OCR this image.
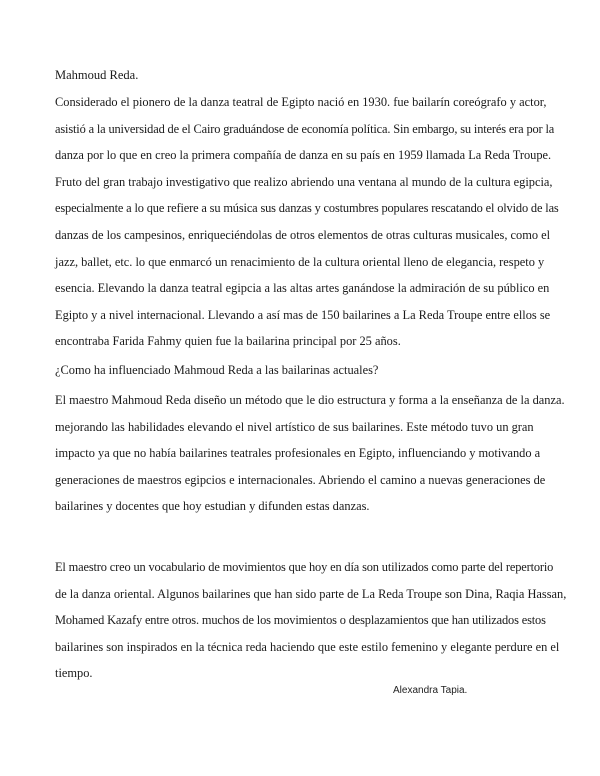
Mahmoud Reda.
Considerado el pionero de la danza teatral de Egipto nació en 1930. fue bailarín coreógrafo y actor,
asistió a la universidad de el Cairo graduándose de economía política. Sin embargo, su interés era por la
danza por lo que en creo la primera compañía de danza en su país en 1959 llamada La Reda Troupe.
Fruto del gran trabajo investigativo que realizo abriendo una ventana al mundo de la cultura egipcia,
especialmente a lo que refiere a su música sus danzas y costumbres populares rescatando el olvido de las
danzas de los campesinos, enriqueciéndolas de otros elementos de otras culturas musicales, como el
jazz, ballet, etc. lo que enmarcó un renacimiento de la cultura oriental lleno de elegancia, respeto y
esencia. Elevando la danza teatral egipcia a las altas artes ganándose la admiración de su público en
Egipto y a nivel internacional. Llevando a así mas de 150 bailarines a La Reda Troupe entre ellos se
encontraba Farida Fahmy quien fue la bailarina principal por 25 años.
¿Como ha influenciado Mahmoud Reda a las bailarinas actuales?
El maestro Mahmoud Reda diseño un método que le dio estructura y forma a la enseñanza de la danza.
mejorando las habilidades elevando el nivel artístico de sus bailarines. Este método tuvo un gran
impacto ya que no había bailarines teatrales profesionales en Egipto, influenciando y motivando a
generaciones de maestros egipcios e internacionales. Abriendo el camino a nuevas generaciones de
bailarines y docentes que hoy estudian y difunden estas danzas.
El maestro creo un vocabulario de movimientos que hoy en día son utilizados como parte del repertorio
de la danza oriental. Algunos bailarines que han sido parte de La Reda Troupe son Dina, Raqia Hassan,
Mohamed Kazafy entre otros. muchos de los movimientos o desplazamientos que han utilizados estos
bailarines son inspirados en la técnica reda haciendo que este estilo femenino y elegante perdure en el
tiempo.
Alexandra Tapia.
